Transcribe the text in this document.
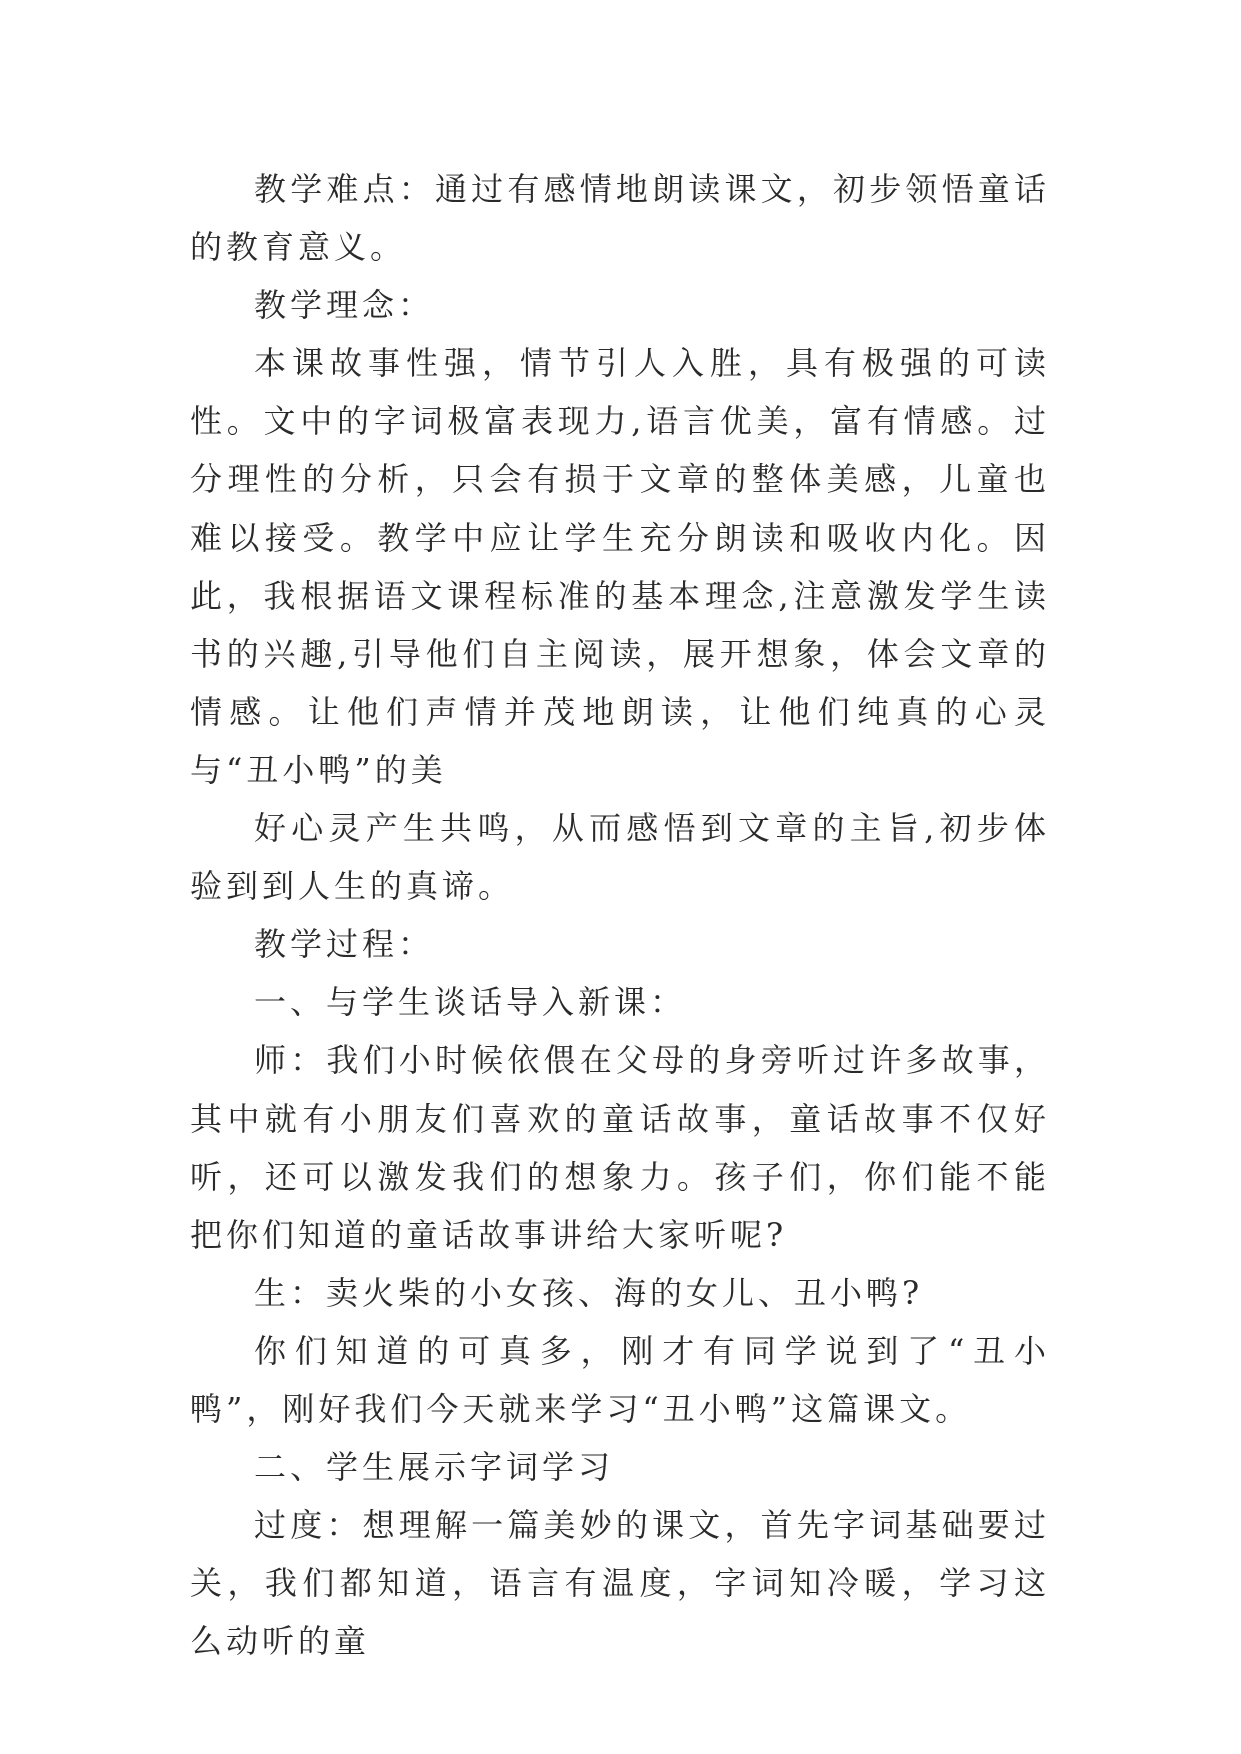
教学难点：通过有感情地朗读课文，初步领悟童话的教育意义。

教学理念：

本课故事性强，情节引人入胜，具有极强的可读性。文中的字词极富表现力,语言优美，富有情感。过分理性的分析，只会有损于文章的整体美感，儿童也难以接受。教学中应让学生充分朗读和吸收内化。因此，我根据语文课程标准的基本理念,注意激发学生读书的兴趣,引导他们自主阅读，展开想象，体会文章的情感。让他们声情并茂地朗读，让他们纯真的心灵与“丑小鸭”的美

好心灵产生共鸣，从而感悟到文章的主旨,初步体验到到人生的真谛。

教学过程：

一、与学生谈话导入新课：

师：我们小时候依偎在父母的身旁听过许多故事，其中就有小朋友们喜欢的童话故事，童话故事不仅好听，还可以激发我们的想象力。孩子们，你们能不能把你们知道的童话故事讲给大家听呢?

生：卖火柴的小女孩、海的女儿、丑小鸭?

你们知道的可真多，刚才有同学说到了“丑小鸭”，刚好我们今天就来学习“丑小鸭”这篇课文。

二、学生展示字词学习

过度：想理解一篇美妙的课文，首先字词基础要过关，我们都知道，语言有温度，字词知冷暖，学习这么动听的童
